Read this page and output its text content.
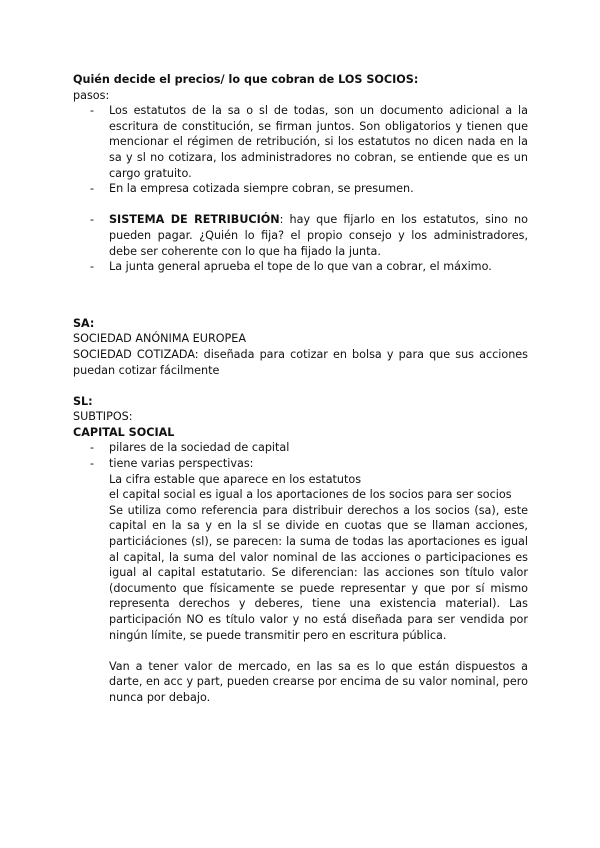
Quién decide el precios/ lo que cobran de LOS SOCIOS:

pasos:

- Los estatutos de la sa o sl de todas, son un documento adicional a la escritura de constitución, se firman juntos. Son obligatorios y tienen que mencionar el régimen de retribución, si los estatutos no dicen nada en la sa y sl no cotizara, los administradores no cobran, se entiende que es un cargo gratuito.
- En la empresa cotizada siempre cobran, se presumen.
- SISTEMA DE RETRIBUCIÓN: hay que fijarlo en los estatutos, sino no pueden pagar. ¿Quién lo fija? el propio consejo y los administradores, debe ser coherente con lo que ha fijado la junta.
- La junta general aprueba el tope de lo que van a cobrar, el máximo.

SA:

SOCIEDAD ANÓNIMA EUROPEA

SOCIEDAD COTIZADA: diseñada para cotizar en bolsa y para que sus acciones puedan cotizar fácilmente

SL:

SUBTIPOS:

CAPITAL SOCIAL

- pilares de la sociedad de capital
- tiene varias perspectivas:

La cifra estable que aparece en los estatutos

el capital social es igual a los aportaciones de los socios para ser socios

Se utiliza como referencia para distribuir derechos a los socios (sa), este capital en la sa y en la sl se divide en cuotas que se llaman acciones, particiáciones (sl), se parecen: la suma de todas las aportaciones es igual al capital, la suma del valor nominal de las acciones o participaciones es igual al capital estatutario. Se diferencian: las acciones son título valor (documento que físicamente se puede representar y que por sí mismo representa derechos y deberes, tiene una existencia material). Las participación NO es título valor y no está diseñada para ser vendida por ningún límite, se puede transmitir pero en escritura pública.

Van a tener valor de mercado, en las sa es lo que están dispuestos a darte, en acc y part, pueden crearse por encima de su valor nominal, pero nunca por debajo.
